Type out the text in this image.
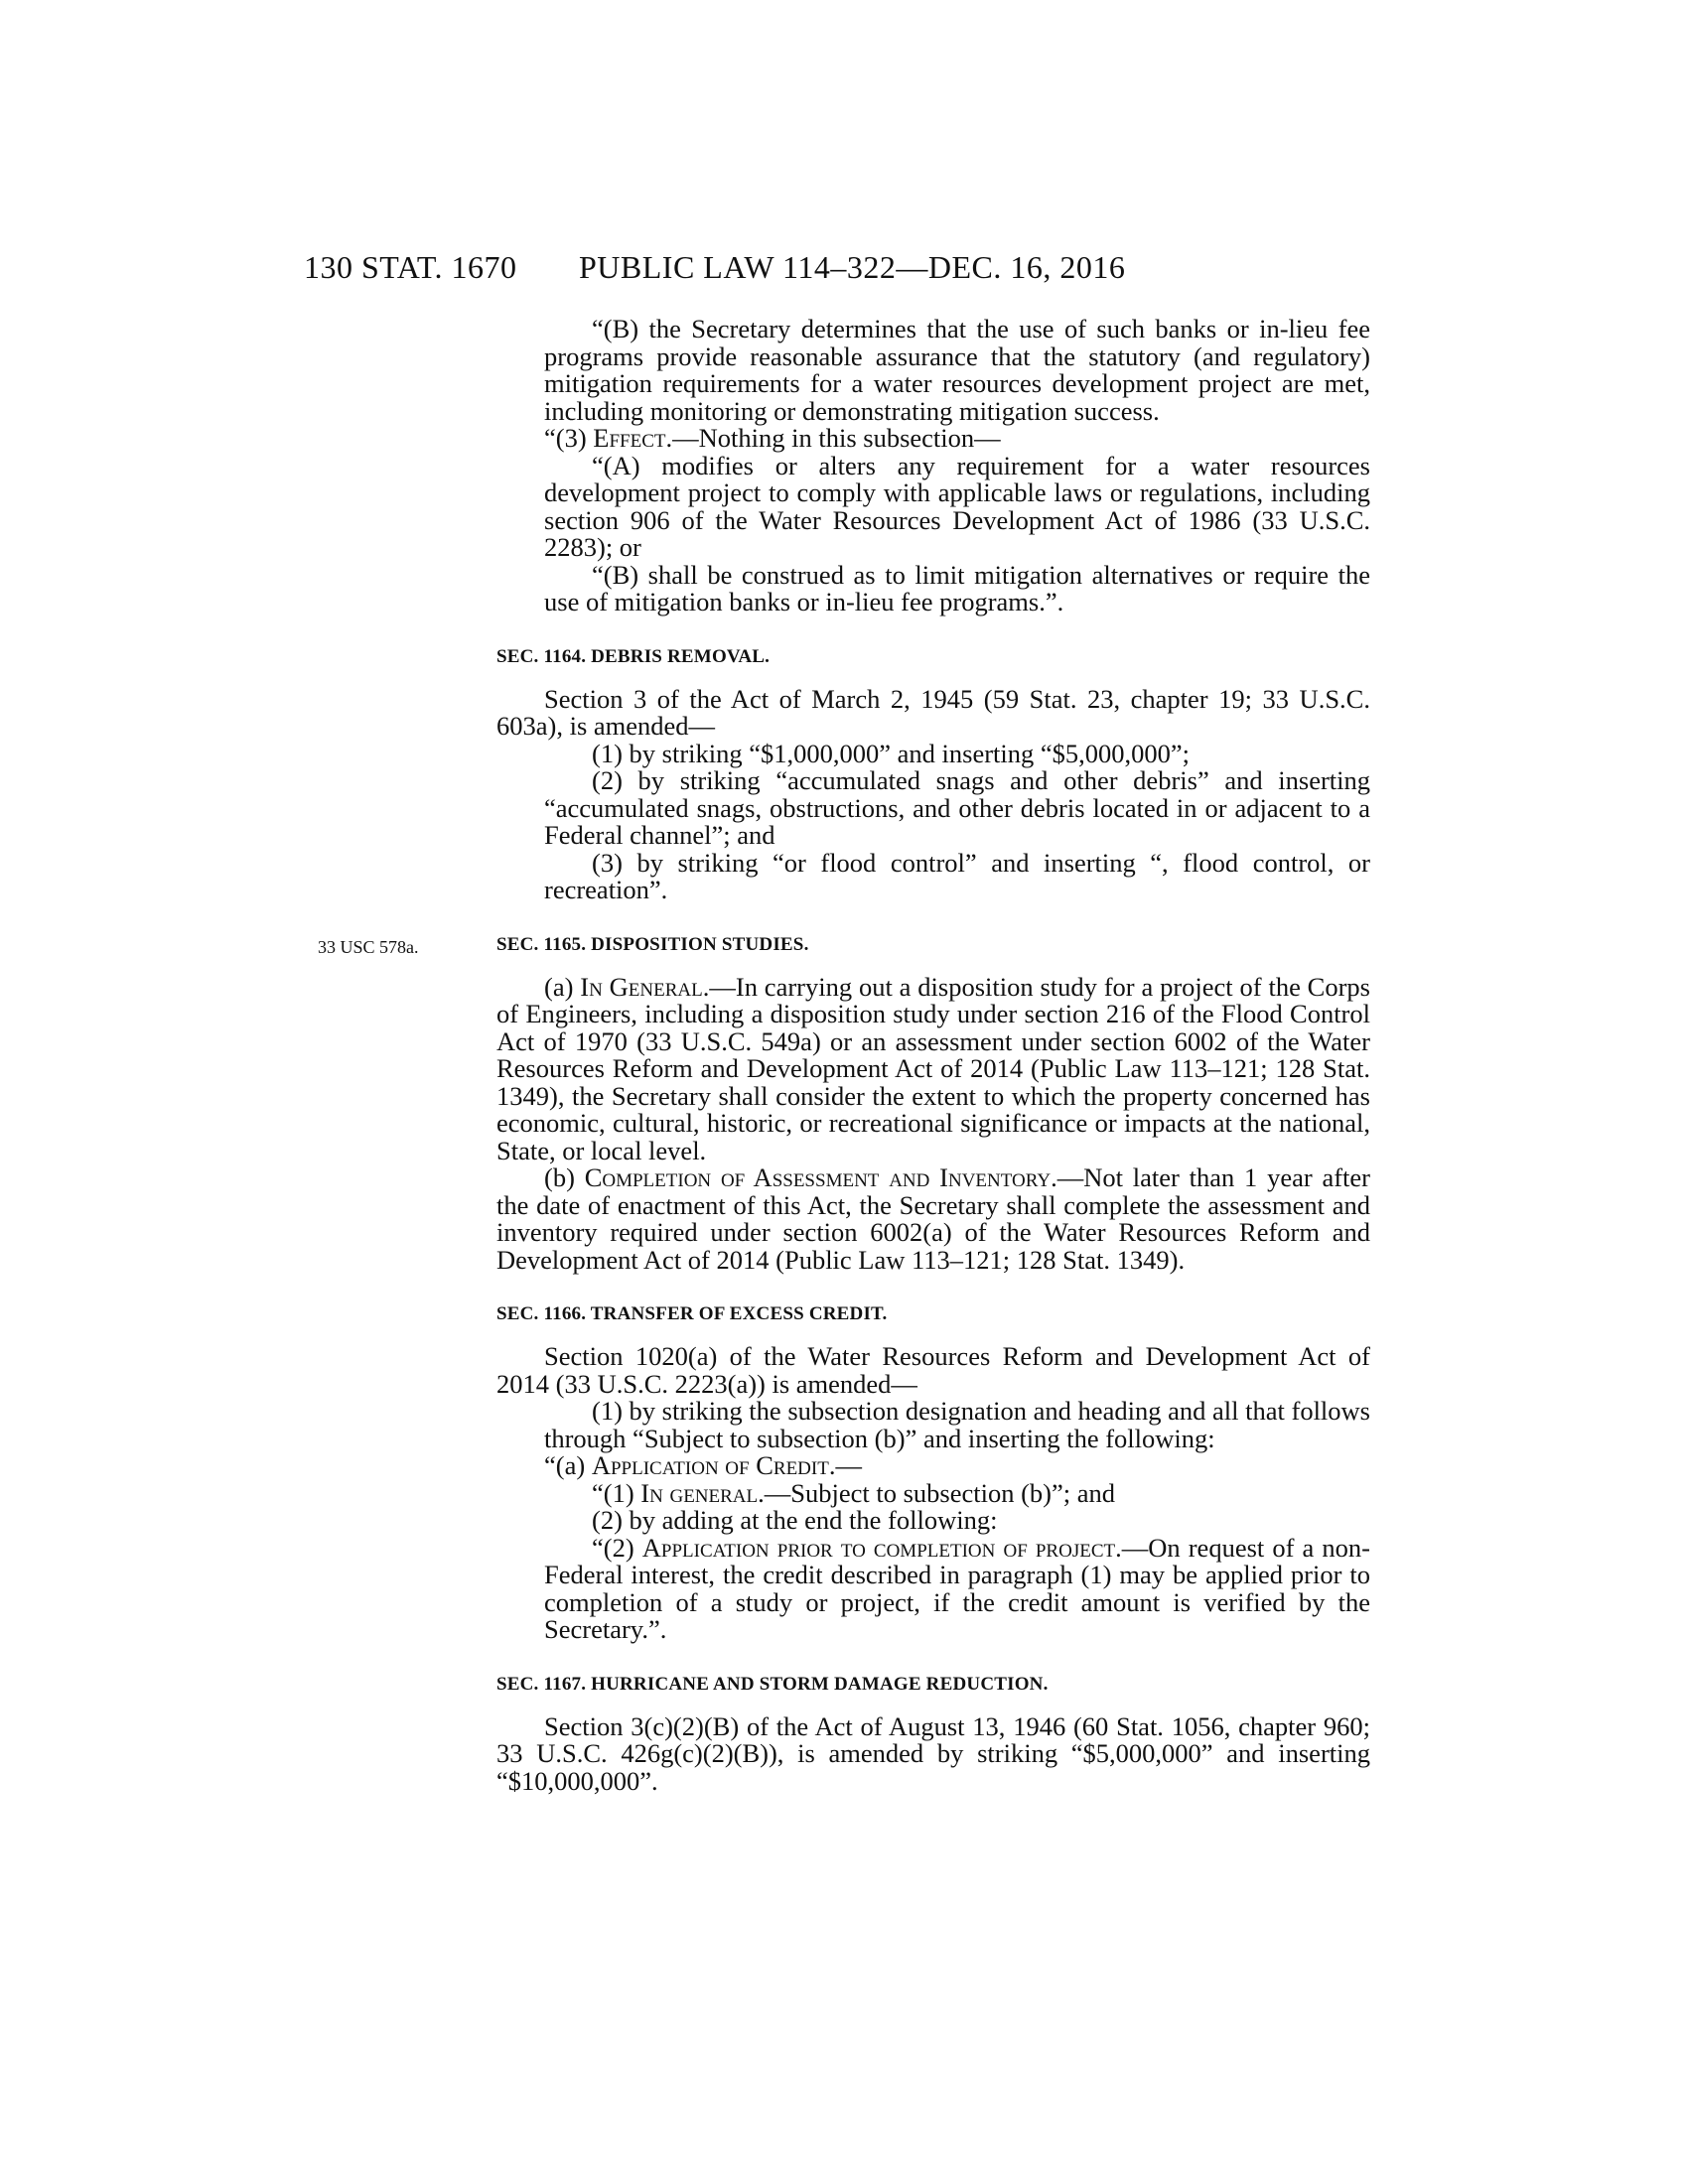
130 STAT. 1670 PUBLIC LAW 114–322—DEC. 16, 2016

“(B) the Secretary determines that the use of such banks or in-lieu fee programs provide reasonable assurance that the statutory (and regulatory) mitigation requirements for a water resources development project are met, including monitoring or demonstrating mitigation success.

“(3) Effect.—Nothing in this subsection—

“(A) modifies or alters any requirement for a water resources development project to comply with applicable laws or regulations, including section 906 of the Water Resources Development Act of 1986 (33 U.S.C. 2283); or

“(B) shall be construed as to limit mitigation alternatives or require the use of mitigation banks or in-lieu fee programs.”.

SEC. 1164. DEBRIS REMOVAL.

Section 3 of the Act of March 2, 1945 (59 Stat. 23, chapter 19; 33 U.S.C. 603a), is amended—

(1) by striking “$1,000,000” and inserting “$5,000,000”;

(2) by striking “accumulated snags and other debris” and inserting “accumulated snags, obstructions, and other debris located in or adjacent to a Federal channel”; and

(3) by striking “or flood control” and inserting “, flood control, or recreation”.

33 USC 578a.	SEC. 1165. DISPOSITION STUDIES.

(a) In General.—In carrying out a disposition study for a project of the Corps of Engineers, including a disposition study under section 216 of the Flood Control Act of 1970 (33 U.S.C. 549a) or an assessment under section 6002 of the Water Resources Reform and Development Act of 2014 (Public Law 113–121; 128 Stat. 1349), the Secretary shall consider the extent to which the property concerned has economic, cultural, historic, or recreational significance or impacts at the national, State, or local level.

(b) Completion of Assessment and Inventory.—Not later than 1 year after the date of enactment of this Act, the Secretary shall complete the assessment and inventory required under section 6002(a) of the Water Resources Reform and Development Act of 2014 (Public Law 113–121; 128 Stat. 1349).

SEC. 1166. TRANSFER OF EXCESS CREDIT.

Section 1020(a) of the Water Resources Reform and Development Act of 2014 (33 U.S.C. 2223(a)) is amended—

(1) by striking the subsection designation and heading and all that follows through “Subject to subsection (b)” and inserting the following:

“(a) Application of Credit.—

“(1) In general.—Subject to subsection (b)”; and

(2) by adding at the end the following:

“(2) Application prior to completion of project.—On request of a non-Federal interest, the credit described in paragraph (1) may be applied prior to completion of a study or project, if the credit amount is verified by the Secretary.”.

SEC. 1167. HURRICANE AND STORM DAMAGE REDUCTION.

Section 3(c)(2)(B) of the Act of August 13, 1946 (60 Stat. 1056, chapter 960; 33 U.S.C. 426g(c)(2)(B)), is amended by striking “$5,000,000” and inserting “$10,000,000”.
